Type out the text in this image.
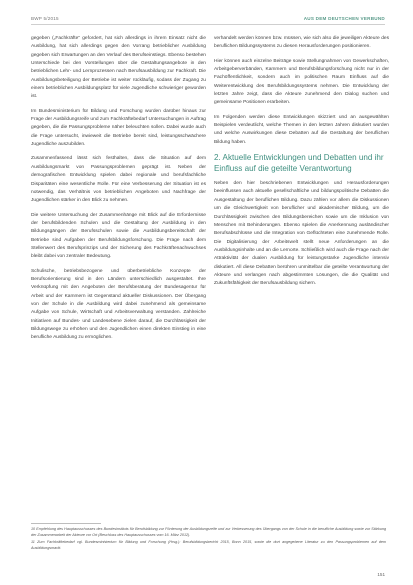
BWP 5/2015	AUS DEM DEUTSCHEN VERBUND

gegeben („Fachkräfte“ gefordert, hat sich allerdings in ihrem Einsatz nicht die Ausbildung, hat sich allerdings gegen den Vorrang betrieblicher Ausbildung gegeben sich Erwartungen an den Verlauf des Berufseinstiegs. Ebenso bestehen Unterschiede bei den Vorstellungen über die Gestaltungsangebote in den betrieblichen Lehr- und Lernprozessen nach Berufsausbildung zur Fachkraft. Die Ausbildungsbeteiligung der Betriebe ist weiter rückläufig, sodass der Zugang zu einem betrieblichen Ausbildungsplatz für viele Jugendliche schwieriger geworden ist.

Im Bundesministerium für Bildung und Forschung wurden darüber hinaus zur Frage der Ausbildungsreife und zum Fachkräftebedarf Untersuchungen in Auftrag gegeben, die die Passungsprobleme näher beleuchten sollen. Dabei wurde auch die Frage untersucht, inwieweit die Betriebe bereit sind, leistungsschwächere Jugendliche auszubilden.

Zusammenfassend lässt sich festhalten, dass die Situation auf dem Ausbildungsmarkt von Passungsproblemen geprägt ist. Neben der demografischen Entwicklung spielen dabei regionale und berufsfachliche Disparitäten eine wesentliche Rolle. Für eine Verbesserung der Situation ist es notwendig, das Verhältnis von betrieblichen Angeboten und Nachfrage der Jugendlichen stärker in den Blick zu nehmen.

Die weitere Untersuchung der Zusammenhänge mit Blick auf die Erfordernisse der berufsbildenden Schulen und die Gestaltung der Ausbildung in den Bildungsgängen der Berufsschulen sowie die Ausbildungsbereitschaft der Betriebe sind Aufgaben der Berufsbildungsforschung. Die Frage nach dem Stellenwert des Berufsprinzips und der Sicherung des Fachkräftenachwuchses bleibt dabei von zentraler Bedeutung.

Schulische, betriebsbezogene und überbetriebliche Konzepte der Berufsorientierung sind in den Ländern unterschiedlich ausgestaltet. Ihre Verknüpfung mit den Angeboten der Berufsberatung der Bundesagentur für Arbeit und der Kammern ist Gegenstand aktueller Diskussionen. Der Übergang von der Schule in die Ausbildung wird dabei zunehmend als gemeinsame Aufgabe von Schule, Wirtschaft und Arbeitsverwaltung verstanden. Zahlreiche Initiativen auf Bundes- und Landesebene zielen darauf, die Durchlässigkeit der Bildungswege zu erhöhen und den Jugendlichen einen direkten Einstieg in eine berufliche Ausbildung zu ermöglichen.

verhandelt werden können bzw. müssen, wie sich also die jeweiligen Akteure des beruflichen Bildungssystems zu diesen Herausforderungen positionieren.

Hier können auch einzelne Beiträge sowie Stellungnahmen von Gewerkschaften, Arbeitgeberverbänden, Kammern und Berufsbildungsforschung nicht nur in der Fachöffentlichkeit, sondern auch im politischen Raum Einfluss auf die Weiterentwicklung des Berufsbildungssystems nehmen. Die Entwicklung der letzten Jahre zeigt, dass die Akteure zunehmend den Dialog suchen und gemeinsame Positionen erarbeiten.

Im Folgenden werden diese Entwicklungen skizziert und an ausgewählten Beispielen verdeutlicht, welche Themen in den letzten Jahren diskutiert wurden und welche Auswirkungen diese Debatten auf die Gestaltung der beruflichen Bildung haben.

2. Aktuelle Entwicklungen und Debatten und ihr Einfluss auf die geteilte Verantwortung

Neben den hier beschriebenen Entwicklungen und Herausforderungen beeinflussen auch aktuelle gesellschaftliche und bildungspolitische Debatten die Ausgestaltung der beruflichen Bildung. Dazu zählen vor allem die Diskussionen um die Gleichwertigkeit von beruflicher und akademischer Bildung, um die Durchlässigkeit zwischen den Bildungsbereichen sowie um die Inklusion von Menschen mit Behinderungen. Ebenso spielen die Anerkennung ausländischer Berufsabschlüsse und die Integration von Geflüchteten eine zunehmende Rolle. Die Digitalisierung der Arbeitswelt stellt neue Anforderungen an die Ausbildungsinhalte und an die Lernorte. Schließlich wird auch die Frage nach der Attraktivität der dualen Ausbildung für leistungsstarke Jugendliche intensiv diskutiert. All diese Debatten berühren unmittelbar die geteilte Verantwortung der Akteure und verlangen nach abgestimmten Lösungen, die die Qualität und Zukunftsfähigkeit der Berufsausbildung sichern.

10 Empfehlung des Hauptausschusses des Bundesinstituts für Berufsbildung zur Förderung der Ausbildungsreife und zur Verbesserung des Übergangs von der Schule in die berufliche Ausbildung sowie zur Stärkung der Zusammenarbeit der Akteure vor Ort (Beschluss des Hauptausschusses vom 16. März 2012).

11 Zum Fachkräftebedarf vgl. Bundesministerium für Bildung und Forschung (Hrsg.): Berufsbildungsbericht 2015, Bonn 2015, sowie die dort angegebene Literatur zu den Passungsproblemen auf dem Ausbildungsmarkt.

151
